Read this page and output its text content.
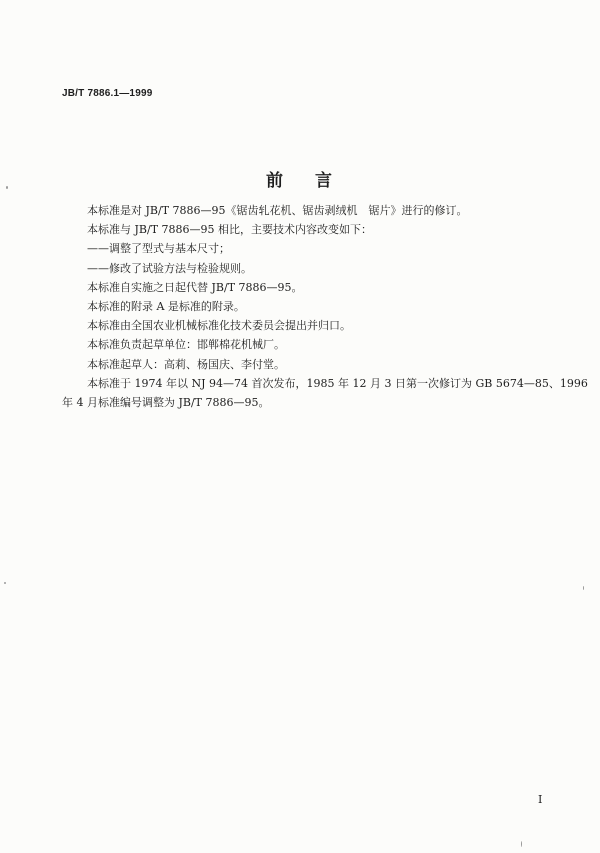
JB/T 7886.1—1999
前 言
本标准是对 JB/T 7886—95《锯齿轧花机、锯齿剥绒机　锯片》进行的修订。
本标准与 JB/T 7886—95 相比，主要技术内容改变如下：
——调整了型式与基本尺寸；
——修改了试验方法与检验规则。
本标准自实施之日起代替 JB/T 7886—95。
本标准的附录 A 是标准的附录。
本标准由全国农业机械标准化技术委员会提出并归口。
本标准负责起草单位：邯郸棉花机械厂。
本标准起草人：高莉、杨国庆、李付堂。
本标准于 1974 年以 NJ 94—74 首次发布，1985 年 12 月 3 日第一次修订为 GB 5674—85、1996
年 4 月标准编号调整为 JB/T 7886—95。
I
